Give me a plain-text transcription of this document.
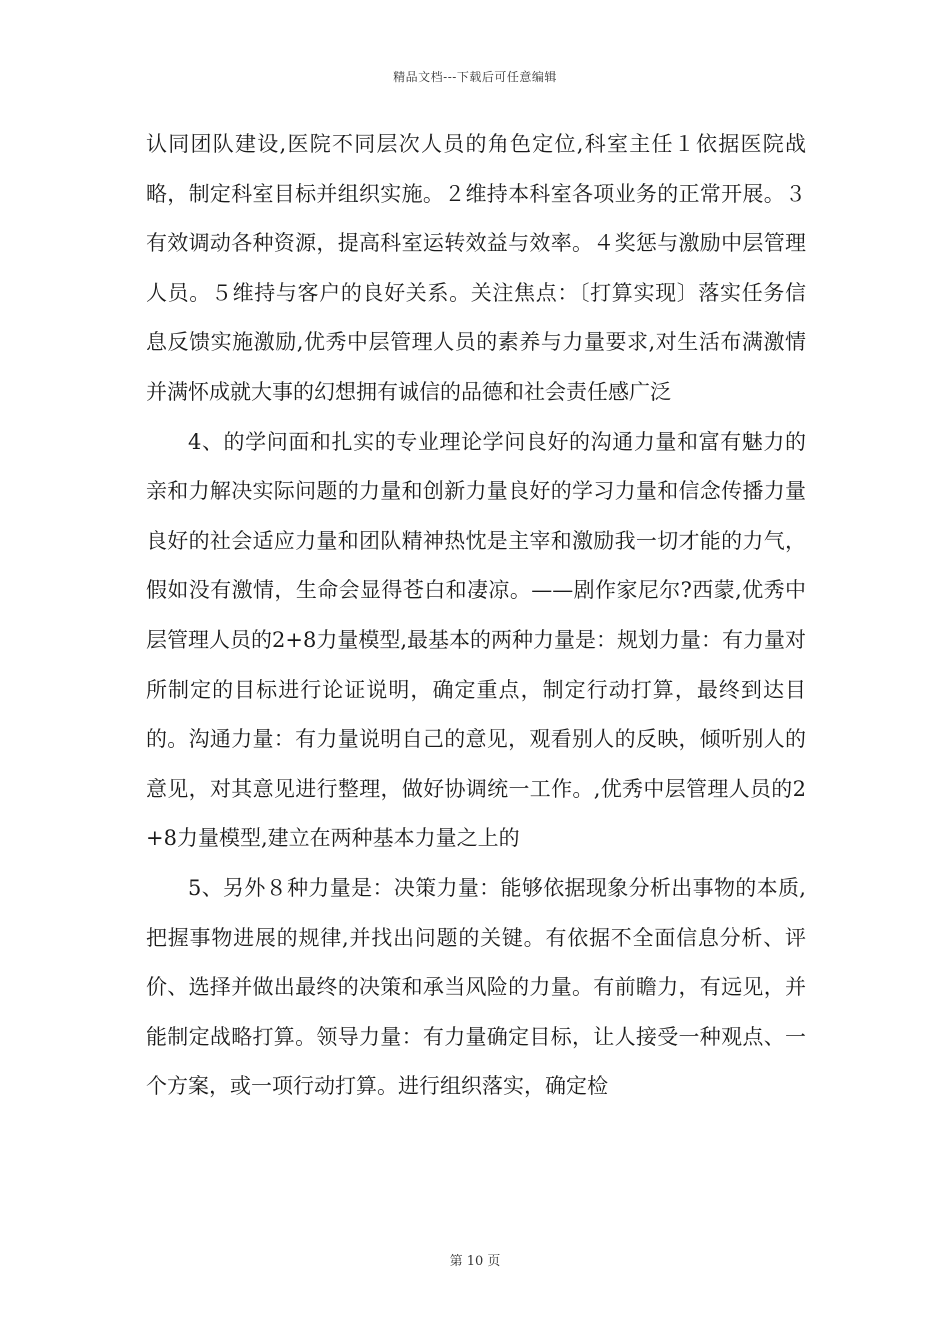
精品文档---下载后可任意编辑

认同团队建设,医院不同层次人员的角色定位,科室主任１依据医院战略，制定科室目标并组织实施。２维持本科室各项业务的正常开展。３有效调动各种资源，提高科室运转效益与效率。４奖惩与激励中层管理人员。５维持与客户的良好关系。关注焦点：〔打算实现〕落实任务信息反馈实施激励,优秀中层管理人员的素养与力量要求,对生活布满激情并满怀成就大事的幻想拥有诚信的品德和社会责任感广泛

4、的学问面和扎实的专业理论学问良好的沟通力量和富有魅力的亲和力解决实际问题的力量和创新力量良好的学习力量和信念传播力量良好的社会适应力量和团队精神热忱是主宰和激励我一切才能的力气，假如没有激情，生命会显得苍白和凄凉。——剧作家尼尔?西蒙,优秀中层管理人员的2+8力量模型,最基本的两种力量是：规划力量：有力量对所制定的目标进行论证说明，确定重点，制定行动打算，最终到达目的。沟通力量：有力量说明自己的意见，观看别人的反映，倾听别人的意见，对其意见进行整理，做好协调统一工作。,优秀中层管理人员的2+8力量模型,建立在两种基本力量之上的

5、另外８种力量是：决策力量：能够依据现象分析出事物的本质,把握事物进展的规律,并找出问题的关键。有依据不全面信息分析、评价、选择并做出最终的决策和承当风险的力量。有前瞻力，有远见，并能制定战略打算。领导力量：有力量确定目标，让人接受一种观点、一个方案，或一项行动打算。进行组织落实，确定检

第 10 页
